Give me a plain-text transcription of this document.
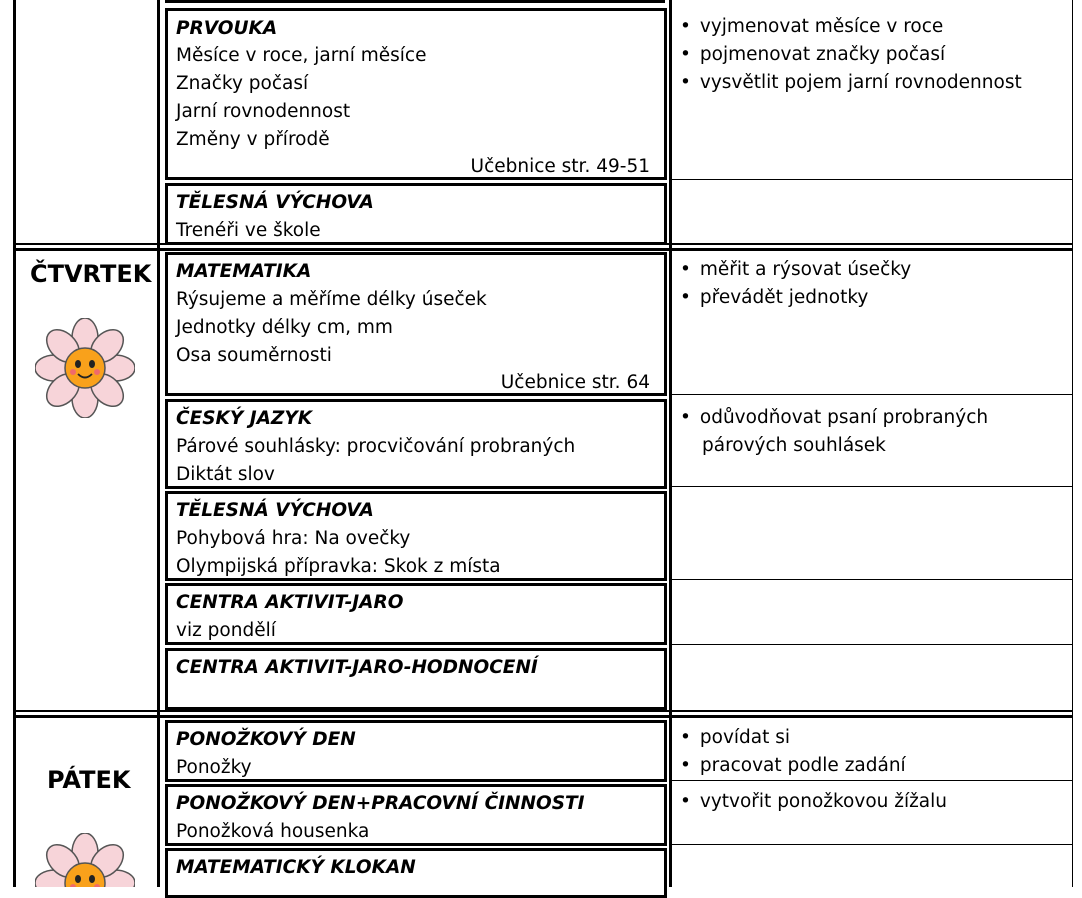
ČTVRTEK
PÁTEK
PRVOUKA
Měsíce v roce, jarní měsíce
Značky počasí
Jarní rovnodennost
Změny v přírodě
Učebnice str. 49-51
• vyjmenovat měsíce v roce
• pojmenovat značky počasí
• vysvětlit pojem jarní rovnodennost
TĚLESNÁ VÝCHOVA
Trenéři ve škole
MATEMATIKA
Rýsujeme a měříme délky úseček
Jednotky délky cm, mm
Osa souměrnosti
Učebnice str. 64
• měřit a rýsovat úsečky
• převádět jednotky
ČESKÝ JAZYK
Párové souhlásky: procvičování probraných
Diktát slov
• odůvodňovat psaní probraných
párových souhlásek
TĚLESNÁ VÝCHOVA
Pohybová hra: Na ovečky
Olympijská přípravka: Skok z místa
CENTRA AKTIVIT-JARO
viz pondělí
CENTRA AKTIVIT-JARO-HODNOCENÍ
PONOŽKOVÝ DEN
Ponožky
• povídat si
• pracovat podle zadání
PONOŽKOVÝ DEN+PRACOVNÍ ČINNOSTI
Ponožková housenka
• vytvořit ponožkovou žížalu
MATEMATICKÝ KLOKAN
